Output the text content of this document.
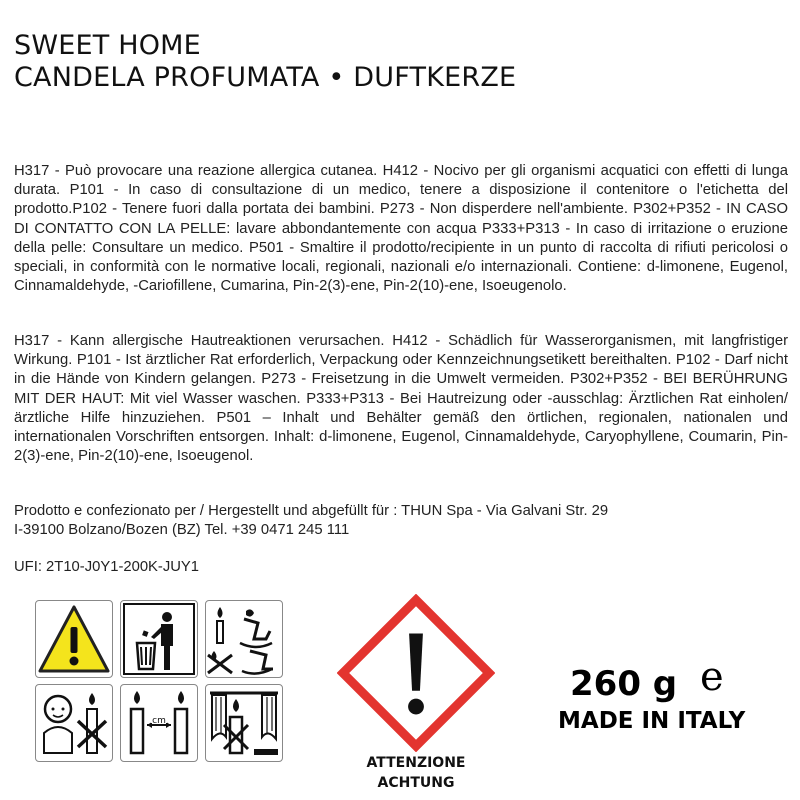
SWEET HOME
CANDELA PROFUMATA • DUFTKERZE
H317 - Può provocare una reazione allergica cutanea. H412 - Nocivo per gli organismi acquatici con effetti di lunga durata. P101 - In caso di consultazione di un medico, tenere a disposizione il contenitore o l'etichetta del prodotto.P102 - Tenere fuori dalla portata dei bambini. P273 - Non disperdere nell'ambiente. P302+P352 - IN CASO DI CONTATTO CON LA PELLE: lavare abbondantemente con acqua P333+P313 - In caso di irritazione o eruzione della pelle: Consultare un medico. P501 - Smaltire il prodotto/recipiente in un punto di raccolta di rifiuti pericolosi o speciali, in conformità con le normative locali, regionali, nazionali e/o internazionali. Contiene: d-limonene, Eugenol, Cinnamaldehyde, -Cariofillene, Cumarina, Pin-2(3)-ene, Pin-2(10)-ene, Isoeugenolo.
H317 - Kann allergische Hautreaktionen verursachen. H412 - Schädlich für Wasserorganismen, mit langfristiger Wirkung. P101 - Ist ärztlicher Rat erforderlich, Verpackung oder Kennzeichnungsetikett bereithalten. P102 - Darf nicht in die Hände von Kindern gelangen. P273 - Freisetzung in die Umwelt vermeiden. P302+P352 - BEI BERÜHRUNG MIT DER HAUT: Mit viel Wasser waschen. P333+P313 - Bei Hautreizung oder -ausschlag: Ärztlichen Rat einholen/ärztliche Hilfe hinzuziehen. P501 – Inhalt und Behälter gemäß den örtlichen, regionalen, nationalen und internationalen Vorschriften entsorgen. Inhalt: d-limonene, Eugenol, Cinnamaldehyde, Caryophyllene, Coumarin, Pin-2(3)-ene, Pin-2(10)-ene, Isoeugenol.
Prodotto e confezionato per / Hergestellt und abgefüllt für : THUN Spa - Via Galvani Str. 29
I-39100 Bolzano/Bozen (BZ) Tel. +39 0471 245 111
UFI: 2T10-J0Y1-200K-JUY1
cm
ATTENZIONE
ACHTUNG
260 g e
MADE IN ITALY
